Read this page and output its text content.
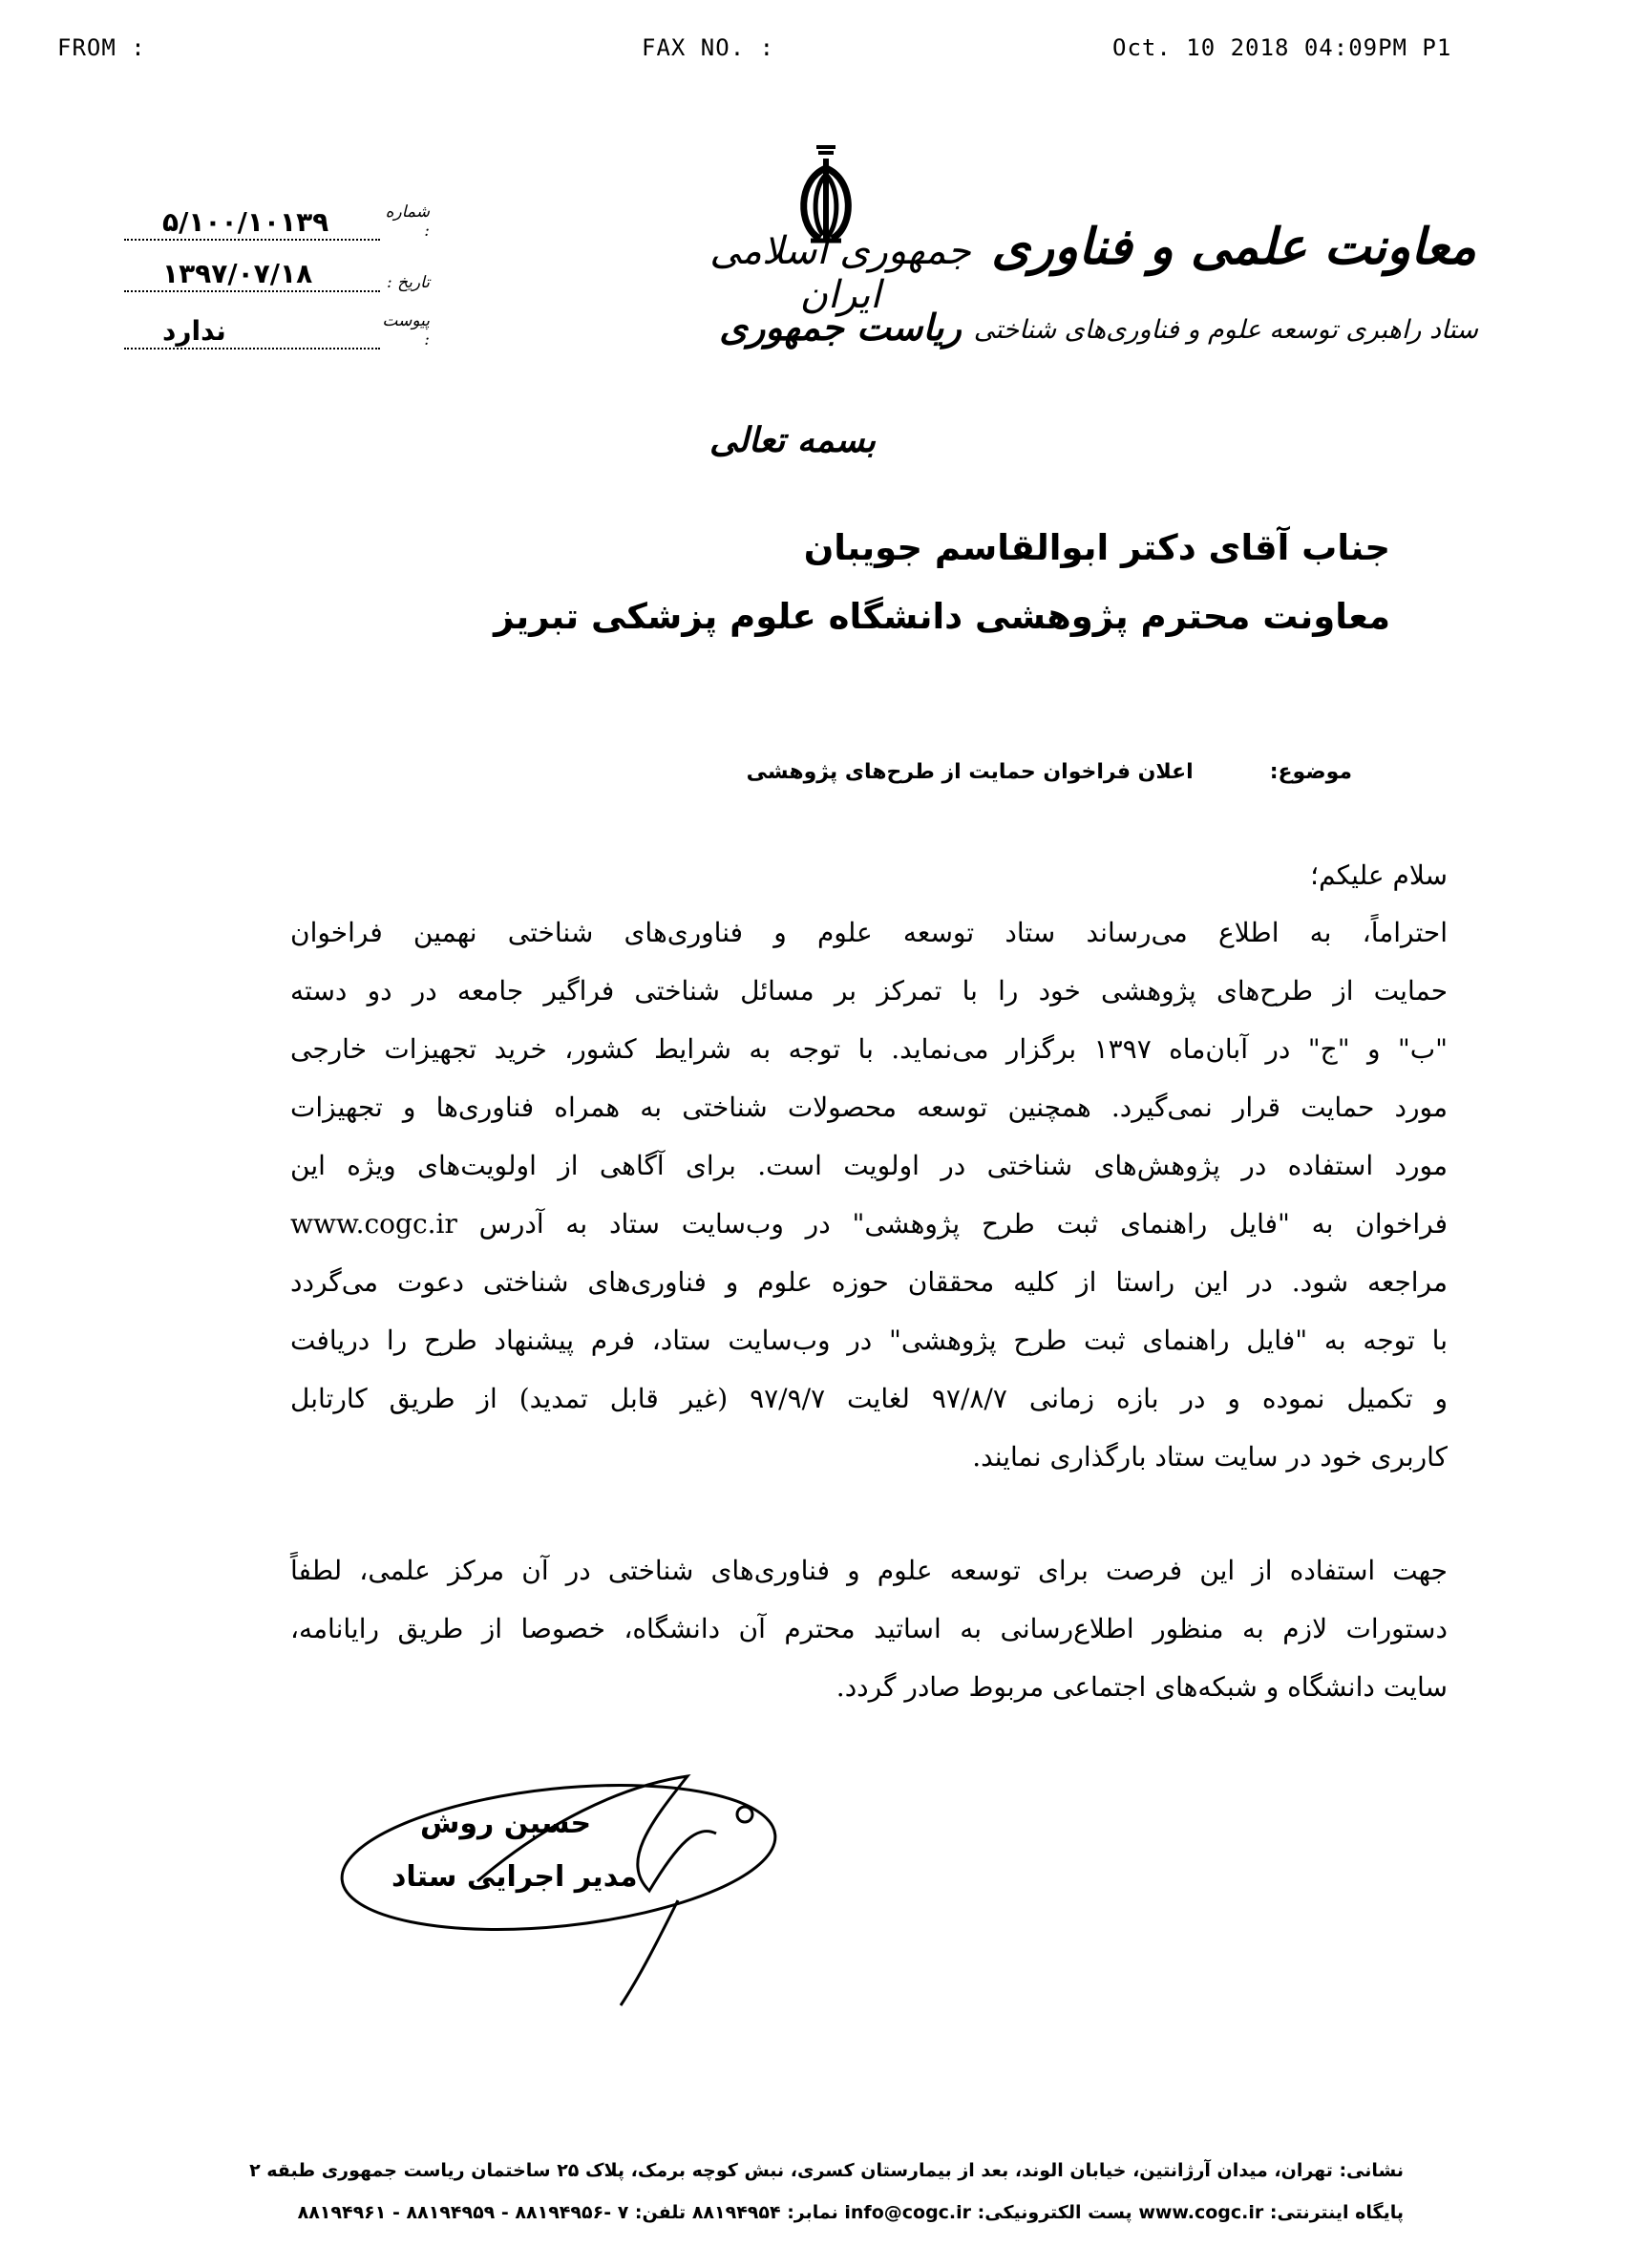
FROM :	FAX NO. :	Oct. 10 2018 04:09PM P1
معاونت علمی و فناوری
ستاد راهبری توسعه علوم و فناوری‌های شناختی
جمهوری اسلامی ایران
ریاست جمهوری
شماره :
۵/۱۰۰/۱۰۱۳۹
تاریخ :
۱۳۹۷/۰۷/۱۸
پیوست :
ندارد
بسمه تعالی
جناب آقای دکتر ابوالقاسم جویبان
معاونت محترم پژوهشی دانشگاه علوم پزشکی تبریز
موضوع:
اعلان فراخوان حمایت از طرح‌های پژوهشی
سلام علیکم؛
احتراماً، به اطلاع می‌رساند ستاد توسعه علوم و فناوری‌های شناختی نهمین فراخوان
حمایت از طرح‌های پژوهشی خود را با تمرکز بر مسائل شناختی فراگیر جامعه در دو دسته
"ب" و "ج" در آبان‌ماه ۱۳۹۷ برگزار می‌نماید. با توجه به شرایط کشور، خرید تجهیزات خارجی
مورد حمایت قرار نمی‌گیرد. همچنین توسعه محصولات شناختی به همراه فناوری‌ها و تجهیزات
مورد استفاده در پژوهش‌های شناختی در اولویت است. برای آگاهی از اولویت‌های ویژه این
فراخوان به "فایل راهنمای ثبت طرح پژوهشی" در وب‌سایت ستاد به آدرس www.cogc.ir
مراجعه شود. در این راستا از کلیه محققان حوزه علوم و فناوری‌های شناختی دعوت می‌گردد
با توجه به "فایل راهنمای ثبت طرح پژوهشی" در وب‌سایت ستاد، فرم پیشنهاد طرح را دریافت
و تکمیل نموده و در بازه زمانی ۹۷/۸/۷ لغایت ۹۷/۹/۷ (غیر قابل تمدید) از طریق کارتابل
کاربری خود در سایت ستاد بارگذاری نمایند.
جهت استفاده از این فرصت برای توسعه علوم و فناوری‌های شناختی در آن مرکز علمی، لطفاً
دستورات لازم به منظور اطلاع‌رسانی به اساتید محترم آن دانشگاه، خصوصا از طریق رایانامه،
سایت دانشگاه و شبکه‌های اجتماعی مربوط صادر گردد.
حسین روش
مدیر اجرایی ستاد
نشانی: تهران، میدان آرژانتین، خیابان الوند، بعد از بیمارستان کسری، نبش کوچه برمک، پلاک ۲۵ ساختمان ریاست جمهوری طبقه ۲
پایگاه اینترنتی: www.cogc.ir پست الکترونیکی: info@cogc.ir نمابر: ۸۸۱۹۴۹۵۴ تلفن: ۷ -۸۸۱۹۴۹۵۶ - ۸۸۱۹۴۹۵۹ - ۸۸۱۹۴۹۶۱
